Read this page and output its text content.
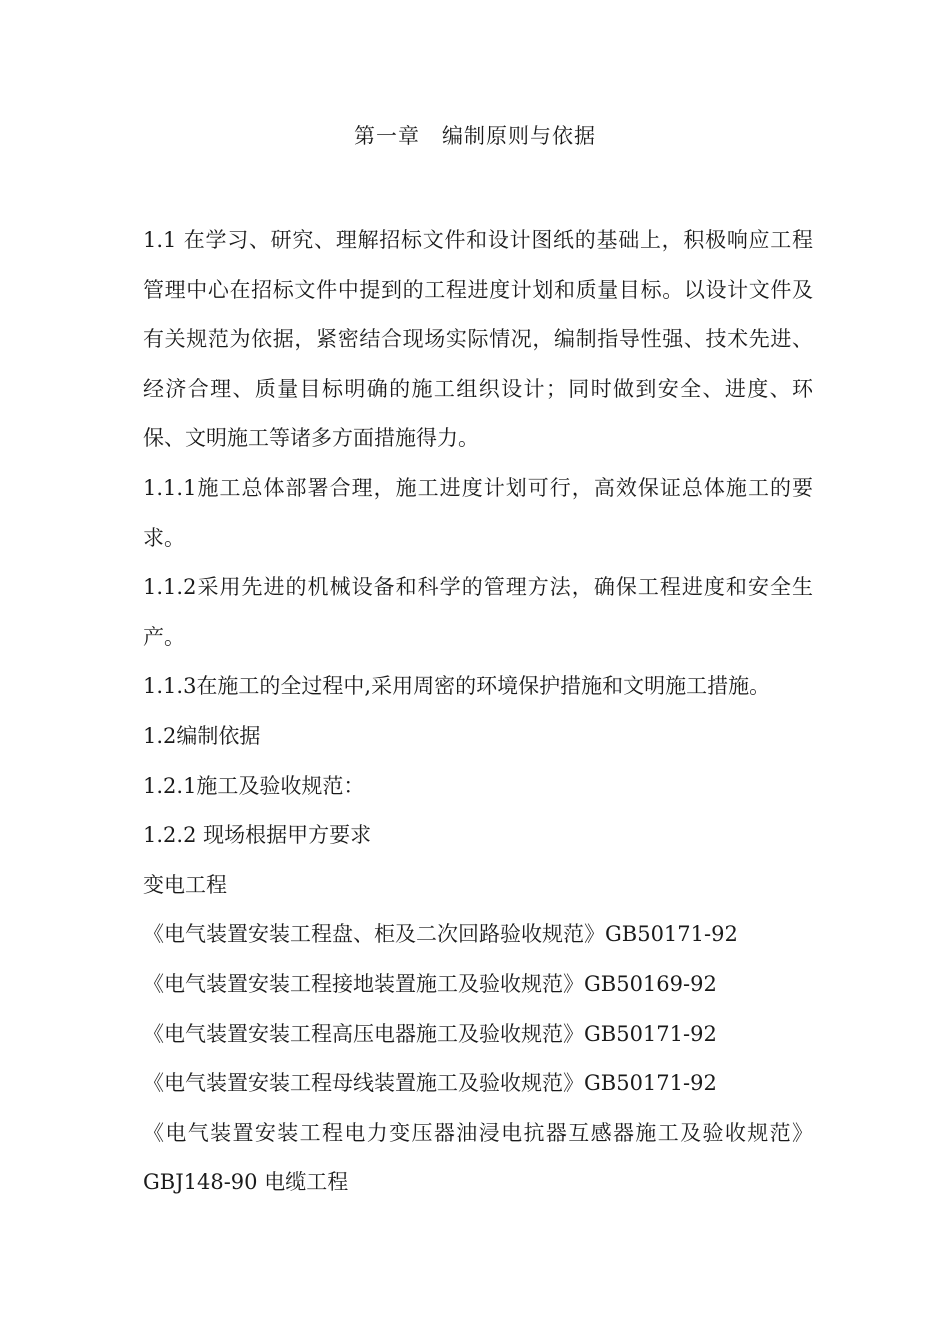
第一章　编制原则与依据

1.1 在学习、研究、理解招标文件和设计图纸的基础上，积极响应工程管理中心在招标文件中提到的工程进度计划和质量目标。以设计文件及有关规范为依据，紧密结合现场实际情况，编制指导性强、技术先进、经济合理、质量目标明确的施工组织设计；同时做到安全、进度、环保、文明施工等诸多方面措施得力。

1.1.1施工总体部署合理，施工进度计划可行，高效保证总体施工的要求。

1.1.2采用先进的机械设备和科学的管理方法，确保工程进度和安全生产。

1.1.3在施工的全过程中,采用周密的环境保护措施和文明施工措施。

1.2编制依据

1.2.1施工及验收规范：

1.2.2 现场根据甲方要求

变电工程

《电气装置安装工程盘、柜及二次回路验收规范》GB50171-92

《电气装置安装工程接地装置施工及验收规范》GB50169-92

《电气装置安装工程高压电器施工及验收规范》GB50171-92

《电气装置安装工程母线装置施工及验收规范》GB50171-92

《电气装置安装工程电力变压器油浸电抗器互感器施工及验收规范》GBJ148-90 电缆工程
